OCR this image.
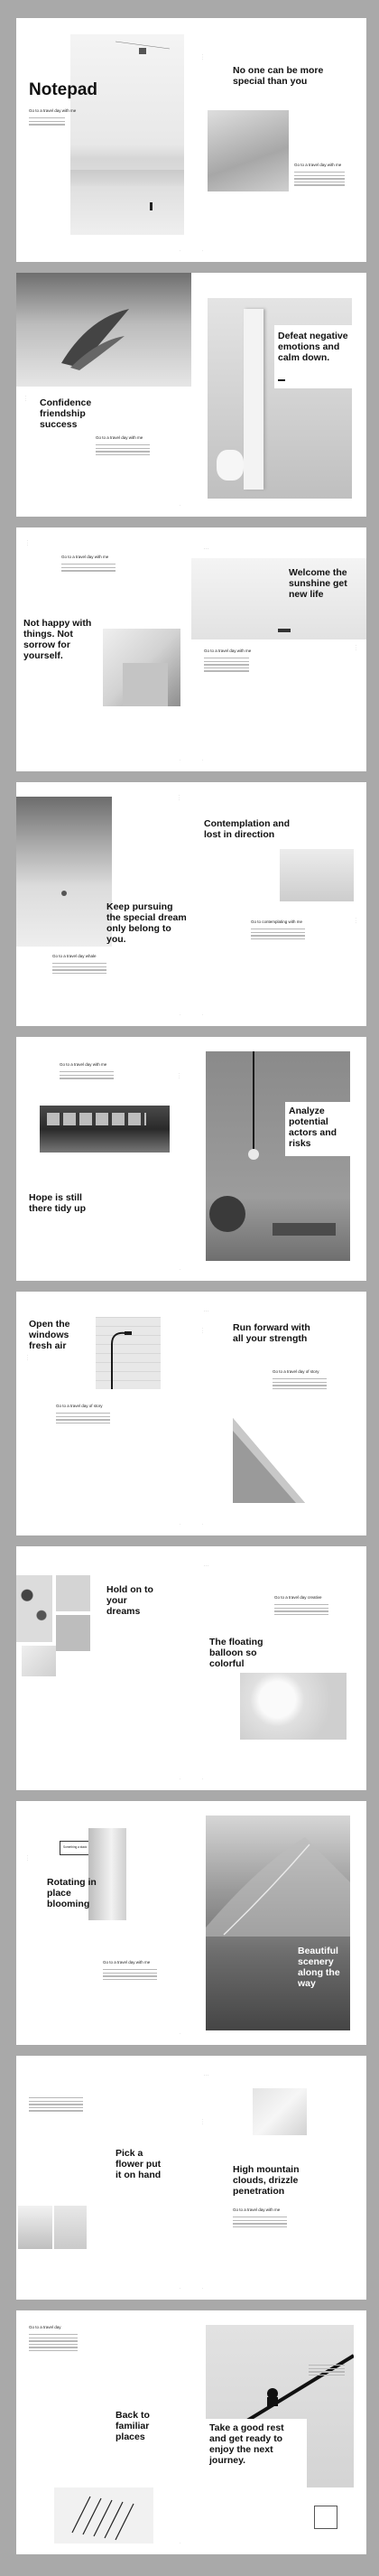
Notepad
Go to a travel day with me
·
No one can be more special than you
Go to a travel day with me
· · ·
·
· · · Confidence friendship success
Go to a travel day with me
·
Defeat negative emotions and calm down.
· · ·
Go to a travel day with me
Not happy with things. Not sorrow for yourself.
·
· · ·
Welcome the sunshine get new life
Go to a travel day with me
· · ·
·
· · ·
Keep pursuing the special dream only belong to you.
Go to a travel day whale
·
Contemplation and lost in direction
Go to contemplating with me	· · ·
·
Go to a travel day with me
· · ·
Hope is still there tidy up
·
Analyze potential actors and risks
Open the windows fresh air
· · ·
Go to a travel day of story
·
· · ·
· · ·	Run forward with all your strength
Go to a travel day of story
·
Hold on to your dreams
·
· · ·
Go to a travel day creative
The floating balloon so colorful
·
· · ·
Something a stack
Rotating in place blooming
Go to a travel day with me
·
Beautiful scenery along the way
Pick a flower put it on hand
·
· · ·
· · ·
High mountain clouds, drizzle penetration
Go to a travel day with me
·
Go to a travel day
Back to familiar places
·
Take a good rest and get ready to enjoy the next journey.
